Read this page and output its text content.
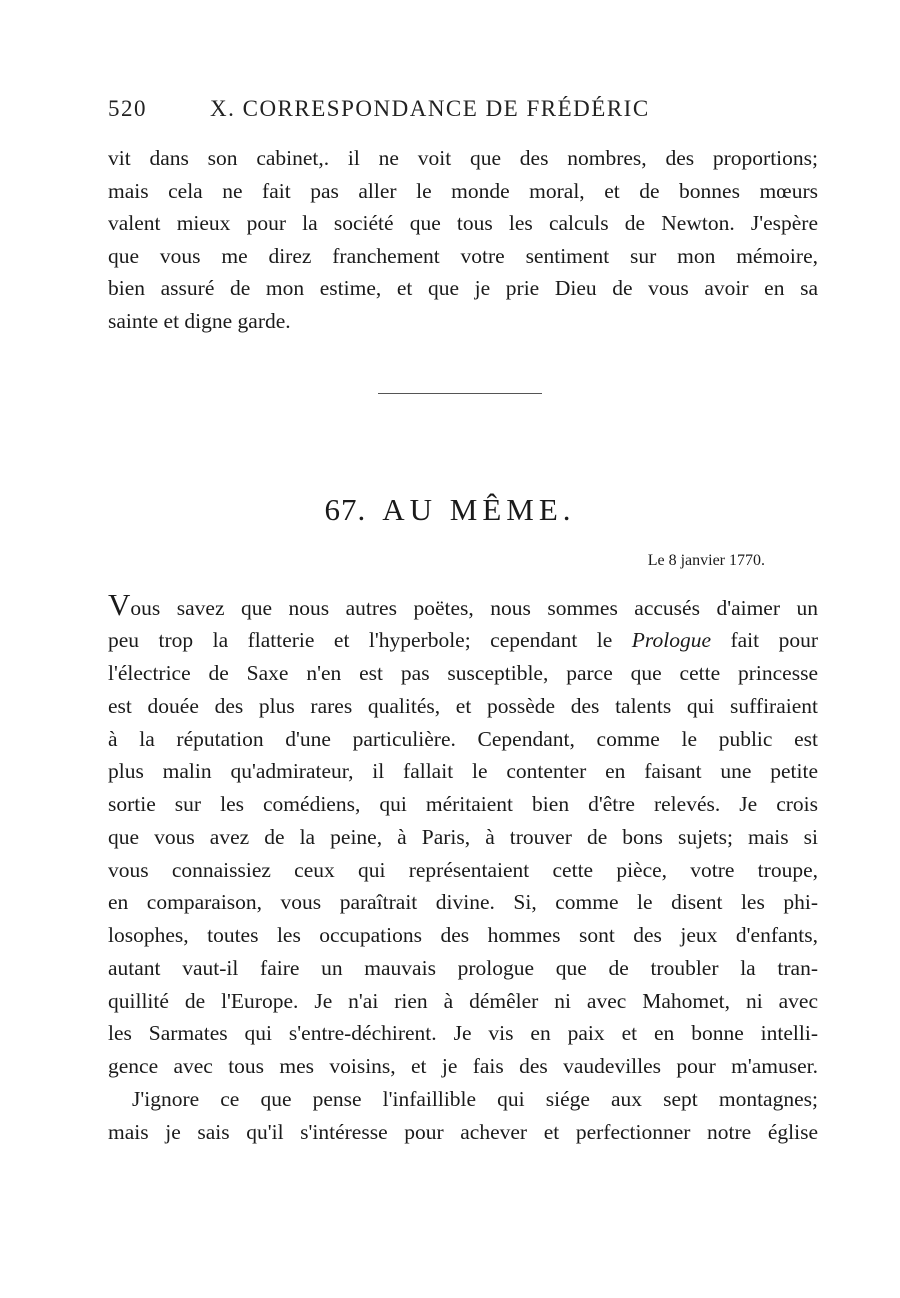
520	X. CORRESPONDANCE DE FRÉDÉRIC
vit dans son cabinet,. il ne voit que des nombres, des proportions;
mais cela ne fait pas aller le monde moral, et de bonnes mœurs
valent mieux pour la société que tous les calculs de Newton. J'espère
que vous me direz franchement votre sentiment sur mon mémoire,
bien assuré de mon estime, et que je prie Dieu de vous avoir en sa
sainte et digne garde.
67. AU MÊME.
Le 8 janvier 1770.
Vous savez que nous autres poëtes, nous sommes accusés d'aimer un
peu trop la flatterie et l'hyperbole; cependant le Prologue fait pour
l'électrice de Saxe n'en est pas susceptible, parce que cette princesse
est douée des plus rares qualités, et possède des talents qui suffiraient
à la réputation d'une particulière. Cependant, comme le public est
plus malin qu'admirateur, il fallait le contenter en faisant une petite
sortie sur les comédiens, qui méritaient bien d'être relevés. Je crois
que vous avez de la peine, à Paris, à trouver de bons sujets; mais si
vous connaissiez ceux qui représentaient cette pièce, votre troupe,
en comparaison, vous paraîtrait divine. Si, comme le disent les phi-
losophes, toutes les occupations des hommes sont des jeux d'enfants,
autant vaut-il faire un mauvais prologue que de troubler la tran-
quillité de l'Europe. Je n'ai rien à démêler ni avec Mahomet, ni avec
les Sarmates qui s'entre-déchirent. Je vis en paix et en bonne intelli-
gence avec tous mes voisins, et je fais des vaudevilles pour m'amuser.
J'ignore ce que pense l'infaillible qui siége aux sept montagnes;
mais je sais qu'il s'intéresse pour achever et perfectionner notre église
